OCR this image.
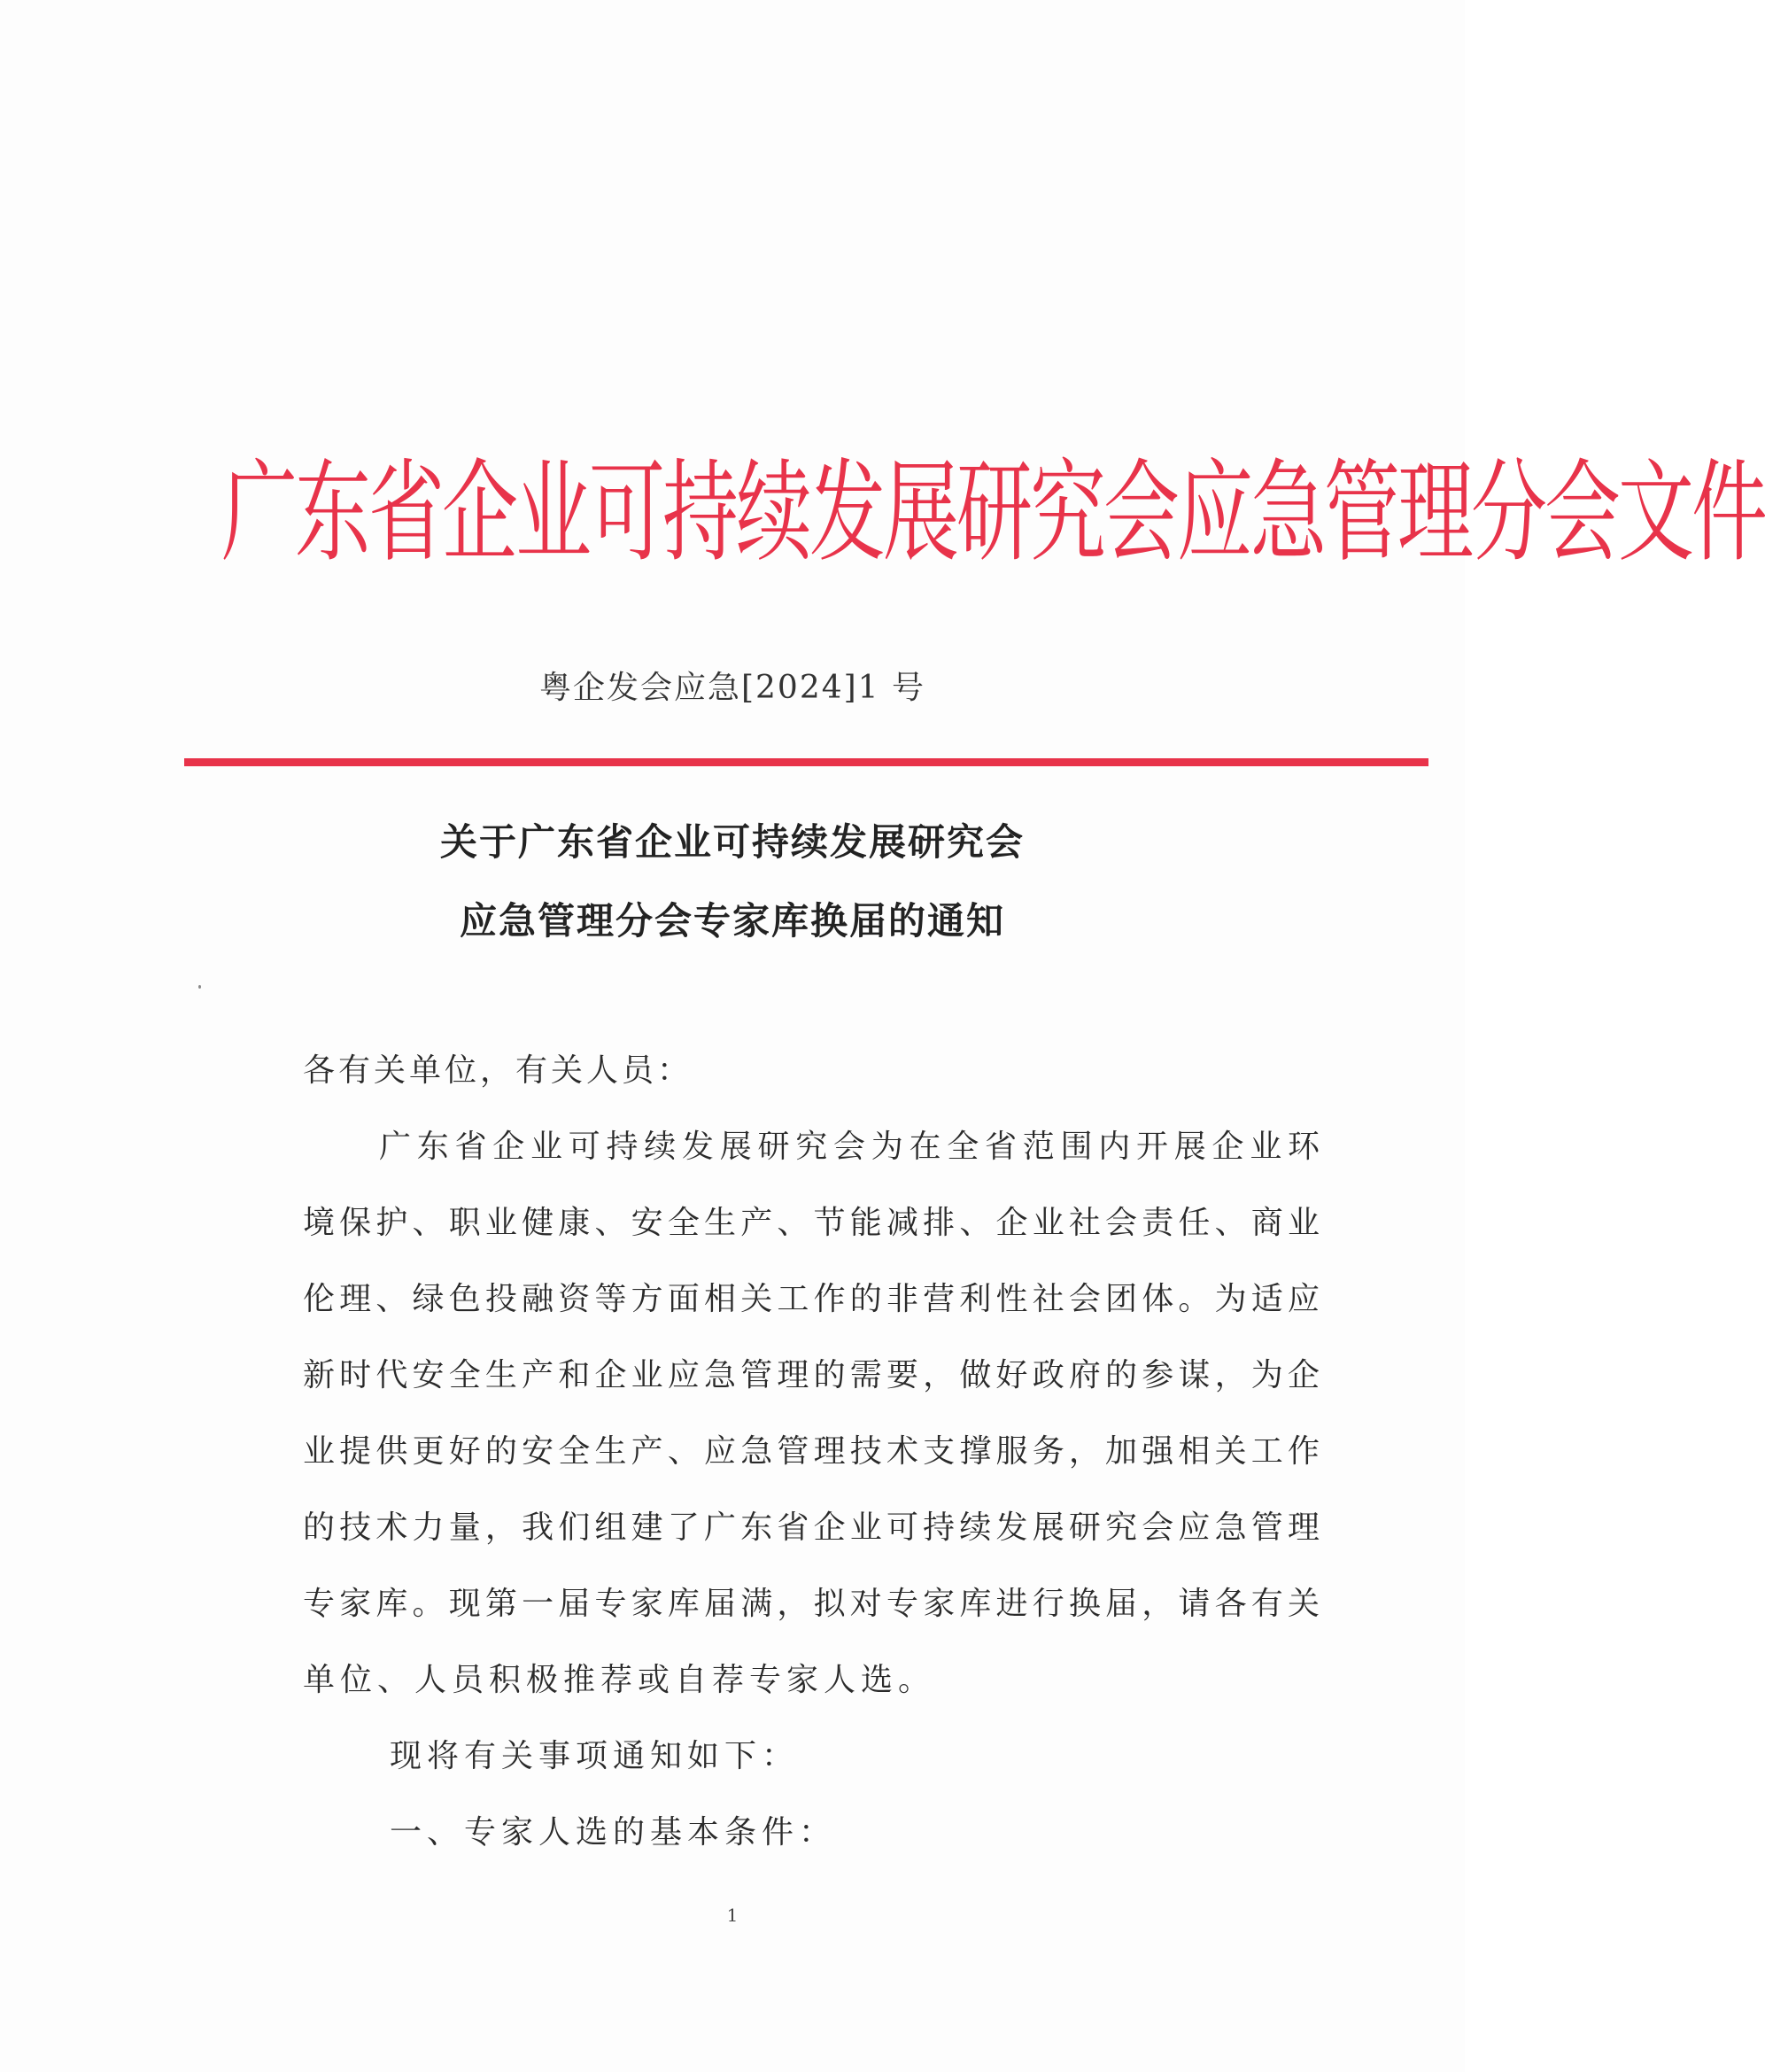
广东省企业可持续发展研究会应急管理分会文件
粤企发会应急[2024]1 号
关于广东省企业可持续发展研究会
应急管理分会专家库换届的通知
各有关单位，有关人员：
广东省企业可持续发展研究会为在全省范围内开展企业环
境保护、职业健康、安全生产、节能减排、企业社会责任、商业
伦理、绿色投融资等方面相关工作的非营利性社会团体。为适应
新时代安全生产和企业应急管理的需要，做好政府的参谋，为企
业提供更好的安全生产、应急管理技术支撑服务，加强相关工作
的技术力量，我们组建了广东省企业可持续发展研究会应急管理
专家库。现第一届专家库届满，拟对专家库进行换届，请各有关
单位、人员积极推荐或自荐专家人选。
现将有关事项通知如下：
一、专家人选的基本条件：
1
